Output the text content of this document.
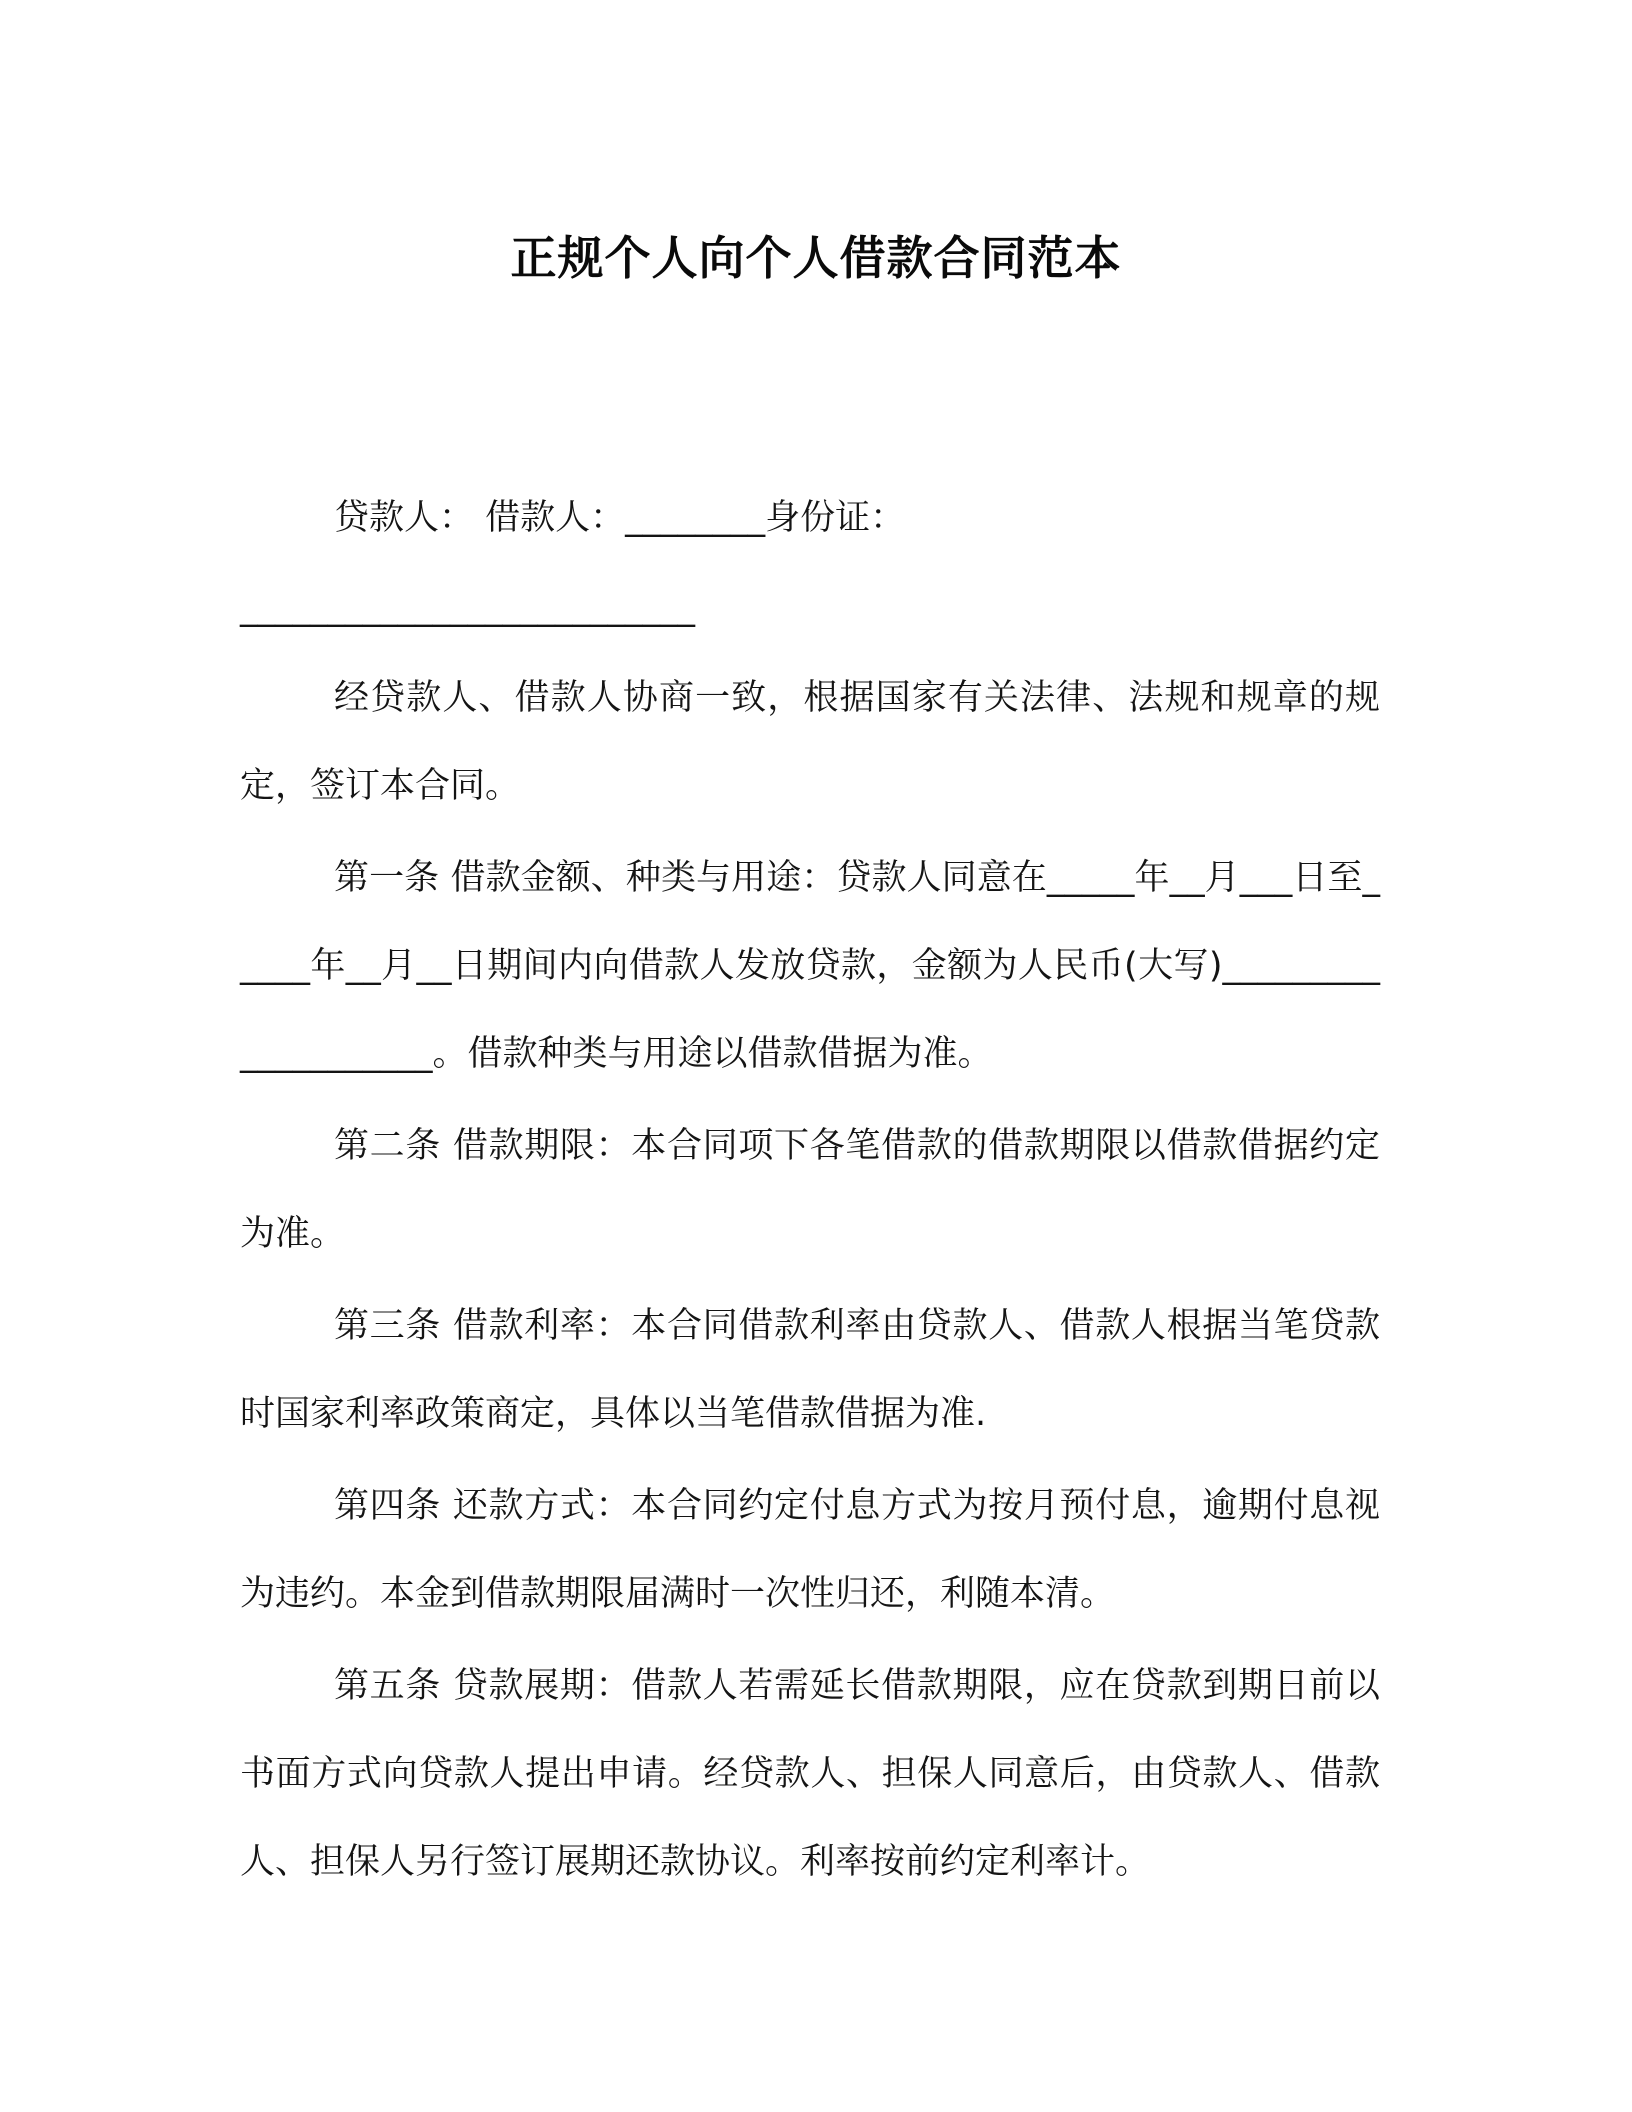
正规个人向个人借款合同范本

贷款人： 借款人：________身份证：

__________________________

经贷款人、借款人协商一致，根据国家有关法律、法规和规章的规定，签订本合同。

第一条 借款金额、种类与用途：贷款人同意在_____年__月___日至_____年__月__日期间内向借款人发放贷款，金额为人民币(大写)____________________。借款种类与用途以借款借据为准。

第二条 借款期限：本合同项下各笔借款的借款期限以借款借据约定为准。

第三条 借款利率：本合同借款利率由贷款人、借款人根据当笔贷款时国家利率政策商定，具体以当笔借款借据为准.

第四条 还款方式：本合同约定付息方式为按月预付息，逾期付息视为违约。本金到借款期限届满时一次性归还，利随本清。

第五条 贷款展期：借款人若需延长借款期限，应在贷款到期日前以书面方式向贷款人提出申请。经贷款人、担保人同意后，由贷款人、借款人、担保人另行签订展期还款协议。利率按前约定利率计。
